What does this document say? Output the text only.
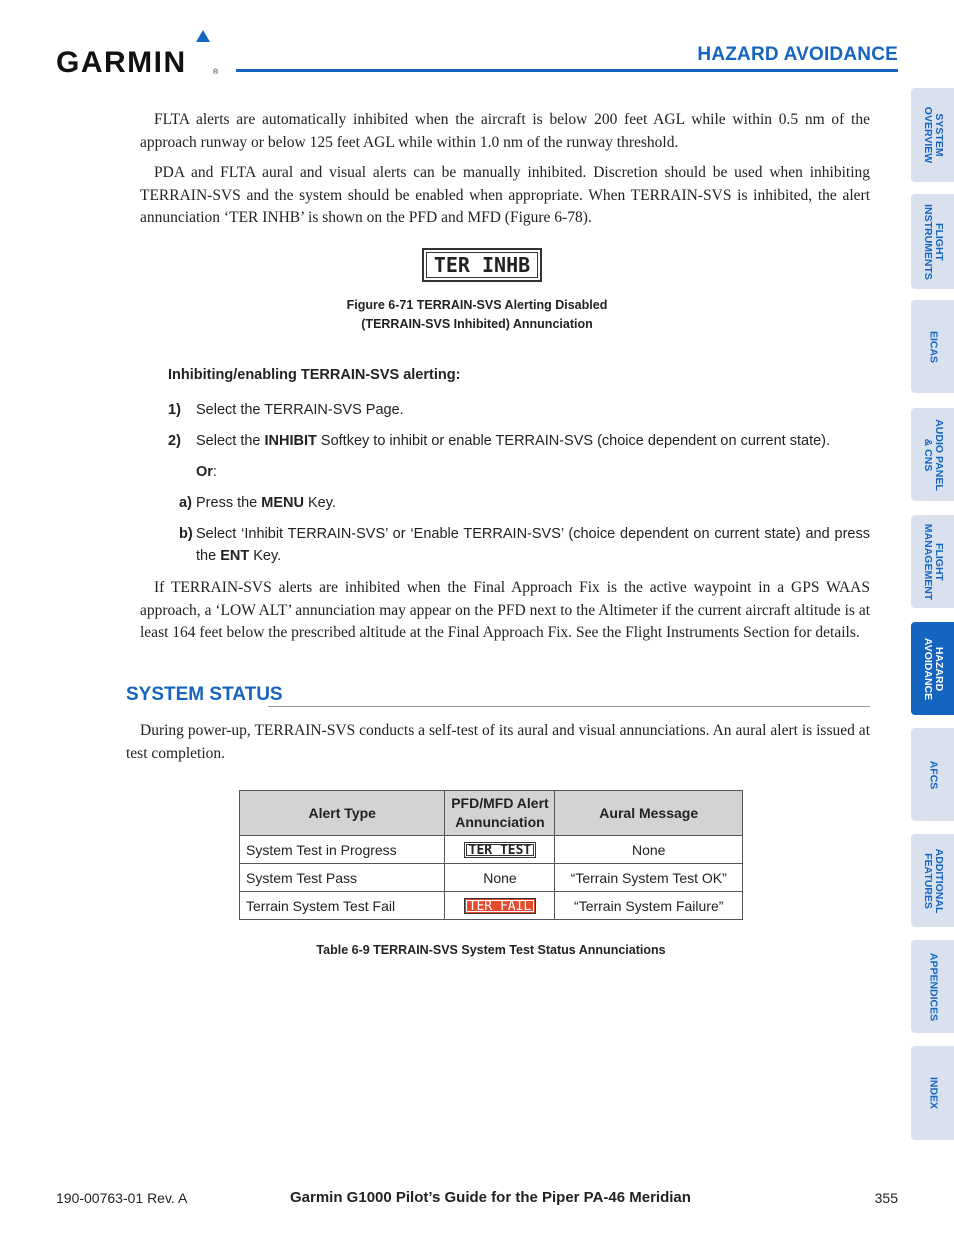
GARMIN	®
HAZARD AVOIDANCE
SYSTEM
OVERVIEW
FLIGHT
INSTRUMENTS
EICAS
AUDIO PANEL
& CNS
FLIGHT
MANAGEMENT
HAZARD
AVOIDANCE
AFCS
ADDITIONAL
FEATURES
APPENDICES
INDEX

FLTA alerts are automatically inhibited when the aircraft is below 200 feet AGL while within 0.5 nm of the approach runway or below 125 feet AGL while within 1.0 nm of the runway threshold.

PDA and FLTA aural and visual alerts can be manually inhibited. Discretion should be used when inhibiting TERRAIN-SVS and the system should be enabled when appropriate. When TERRAIN-SVS is inhibited, the alert annunciation ‘TER INHB’ is shown on the PFD and MFD (Figure 6-78).

TER INHB
Figure 6-71 TERRAIN-SVS Alerting Disabled
(TERRAIN-SVS Inhibited) Annunciation
Inhibiting/enabling TERRAIN-SVS alerting:
1) Select the TERRAIN-SVS Page.
2) Select the INHIBIT Softkey to inhibit or enable TERRAIN-SVS (choice dependent on current state).
Or:
a) Press the MENU Key.
b) Select ‘Inhibit TERRAIN-SVS’ or ‘Enable TERRAIN-SVS’ (choice dependent on current state) and press the ENT Key.

If TERRAIN-SVS alerts are inhibited when the Final Approach Fix is the active waypoint in a GPS WAAS approach, a ‘LOW ALT’ annunciation may appear on the PFD next to the Altimeter if the current aircraft altitude is at least 164 feet below the prescribed altitude at the Final Approach Fix. See the Flight Instruments Section for details.

SYSTEM STATUS

During power-up, TERRAIN-SVS conducts a self-test of its aural and visual annunciations. An aural alert is issued at test completion.

Alert Type	PFD/MFD Alert Annunciation	Aural Message
System Test in Progress	TER TEST	None
System Test Pass	None	“Terrain System Test OK”
Terrain System Test Fail	TER FAIL	“Terrain System Failure”
Table 6-9 TERRAIN-SVS System Test Status Annunciations
190-00763-01 Rev. A	Garmin G1000 Pilot’s Guide for the Piper PA-46 Meridian	355
